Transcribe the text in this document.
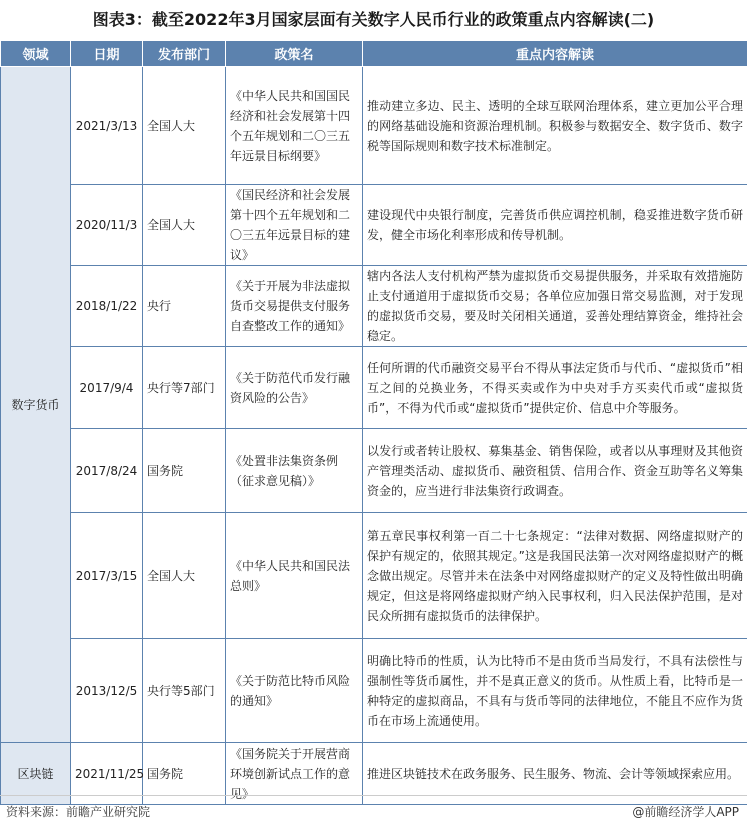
图表3：截至2022年3月国家层面有关数字人民币行业的政策重点内容解读(二)
领域	日期	发布部门	政策名	重点内容解读
数字货币	2021/3/13	全国人大	《中华人民共和国国民经济和社会发展第十四个五年规划和二〇三五年远景目标纲要》	推动建立多边、民主、透明的全球互联网治理体系，建立更加公平合理的网络基础设施和资源治理机制。积极参与数据安全、数字货币、数字税等国际规则和数字技术标准制定。
	2020/11/3	全国人大	《国民经济和社会发展第十四个五年规划和二〇三五年远景目标的建议》	建设现代中央银行制度，完善货币供应调控机制，稳妥推进数字货币研发，健全市场化利率形成和传导机制。
	2018/1/22	央行	《关于开展为非法虚拟货币交易提供支付服务自查整改工作的通知》	辖内各法人支付机构严禁为虚拟货币交易提供服务，并采取有效措施防止支付通道用于虚拟货币交易；各单位应加强日常交易监测，对于发现的虚拟货币交易，要及时关闭相关通道，妥善处理结算资金，维持社会稳定。
	2017/9/4	央行等7部门	《关于防范代币发行融资风险的公告》	任何所谓的代币融资交易平台不得从事法定货币与代币、“虚拟货币”相互之间的兑换业务，不得买卖或作为中央对手方买卖代币或“虚拟货币”，不得为代币或“虚拟货币”提供定价、信息中介等服务。
	2017/8/24	国务院	《处置非法集资条例（征求意见稿）》	以发行或者转让股权、募集基金、销售保险，或者以从事理财及其他资产管理类活动、虚拟货币、融资租赁、信用合作、资金互助等名义筹集资金的，应当进行非法集资行政调查。
	2017/3/15	全国人大	《中华人民共和国民法总则》	第五章民事权利第一百二十七条规定：“法律对数据、网络虚拟财产的保护有规定的，依照其规定。”这是我国民法第一次对网络虚拟财产的概念做出规定。尽管并未在法条中对网络虚拟财产的定义及特性做出明确规定，但这是将网络虚拟财产纳入民事权利，归入民法保护范围，是对民众所拥有虚拟货币的法律保护。
	2013/12/5	央行等5部门	《关于防范比特币风险的通知》	明确比特币的性质，认为比特币不是由货币当局发行，不具有法偿性与强制性等货币属性，并不是真正意义的货币。从性质上看，比特币是一种特定的虚拟商品，不具有与货币等同的法律地位，不能且不应作为货币在市场上流通使用。
区块链	2021/11/25	国务院	《国务院关于开展营商环境创新试点工作的意见》	推进区块链技术在政务服务、民生服务、物流、会计等领域探索应用。
资料来源：前瞻产业研究院	@前瞻经济学人APP
